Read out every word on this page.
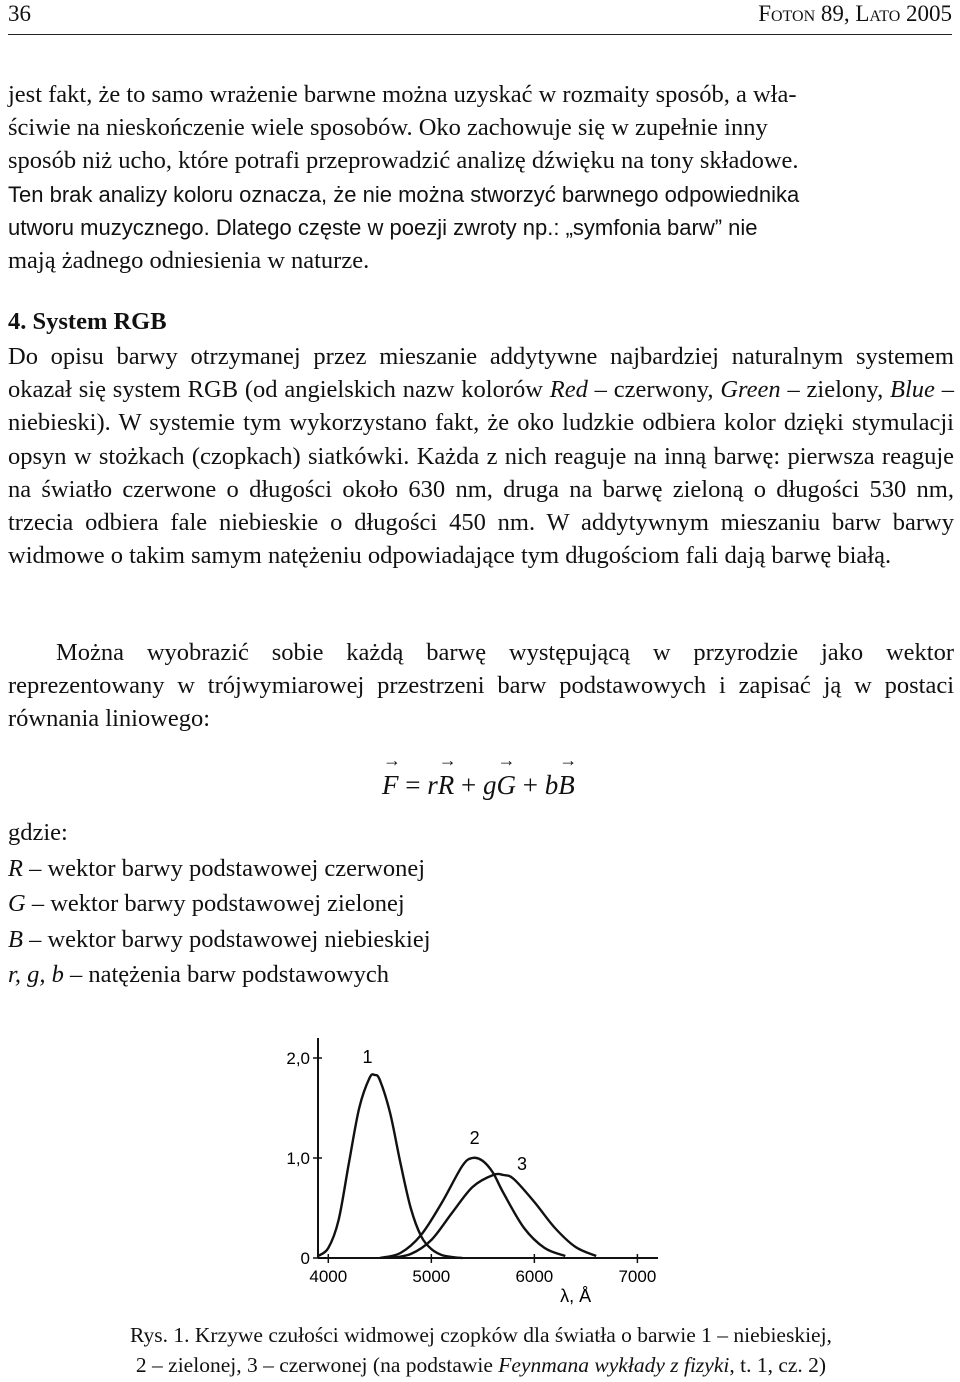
36	Foton 89, Lato 2005
jest fakt, że to samo wrażenie barwne można uzyskać w rozmaity sposób, a wła-
ściwie na nieskończenie wiele sposobów. Oko zachowuje się w zupełnie inny
sposób niż ucho, które potrafi przeprowadzić analizę dźwięku na tony składowe.
Ten brak analizy koloru oznacza, że nie można stworzyć barwnego odpowiednika
utworu muzycznego. Dlatego częste w poezji zwroty np.: „symfonia barw” nie
mają żadnego odniesienia w naturze.
4. System RGB

Do opisu barwy otrzymanej przez mieszanie addytywne najbardziej naturalnym systemem okazał się system RGB (od angielskich nazw kolorów Red – czerwony, Green – zielony, Blue – niebieski). W systemie tym wykorzystano fakt, że oko ludzkie odbiera kolor dzięki stymulacji opsyn w stożkach (czopkach) siatkówki. Każda z nich reaguje na inną barwę: pierwsza reaguje na światło czerwone o długości około 630 nm, druga na barwę zieloną o długości 530 nm, trzecia odbiera fale niebieskie o długości 450 nm. W addytywnym mieszaniu barw barwy widmowe o takim samym natężeniu odpowiadające tym długościom fali dają barwę białą.

Można wyobrazić sobie każdą barwę występującą w przyrodzie jako wektor reprezentowany w trójwymiarowej przestrzeni barw podstawowych i zapisać ją w postaci równania liniowego:

→ F = r→ R + g→ G + b→ B
gdzie:
R – wektor barwy podstawowej czerwonej
G – wektor barwy podstawowej zielonej
B – wektor barwy podstawowej niebieskiej
r, g, b – natężenia barw podstawowych
2,0
1,0
0
4000	5000	6000	7000
λ, Å
1
2
3
Rys. 1. Krzywe czułości widmowej czopków dla światła o barwie 1 – niebieskiej,
2 – zielonej, 3 – czerwonej (na podstawie Feynmana wykłady z fizyki, t. 1, cz. 2)
